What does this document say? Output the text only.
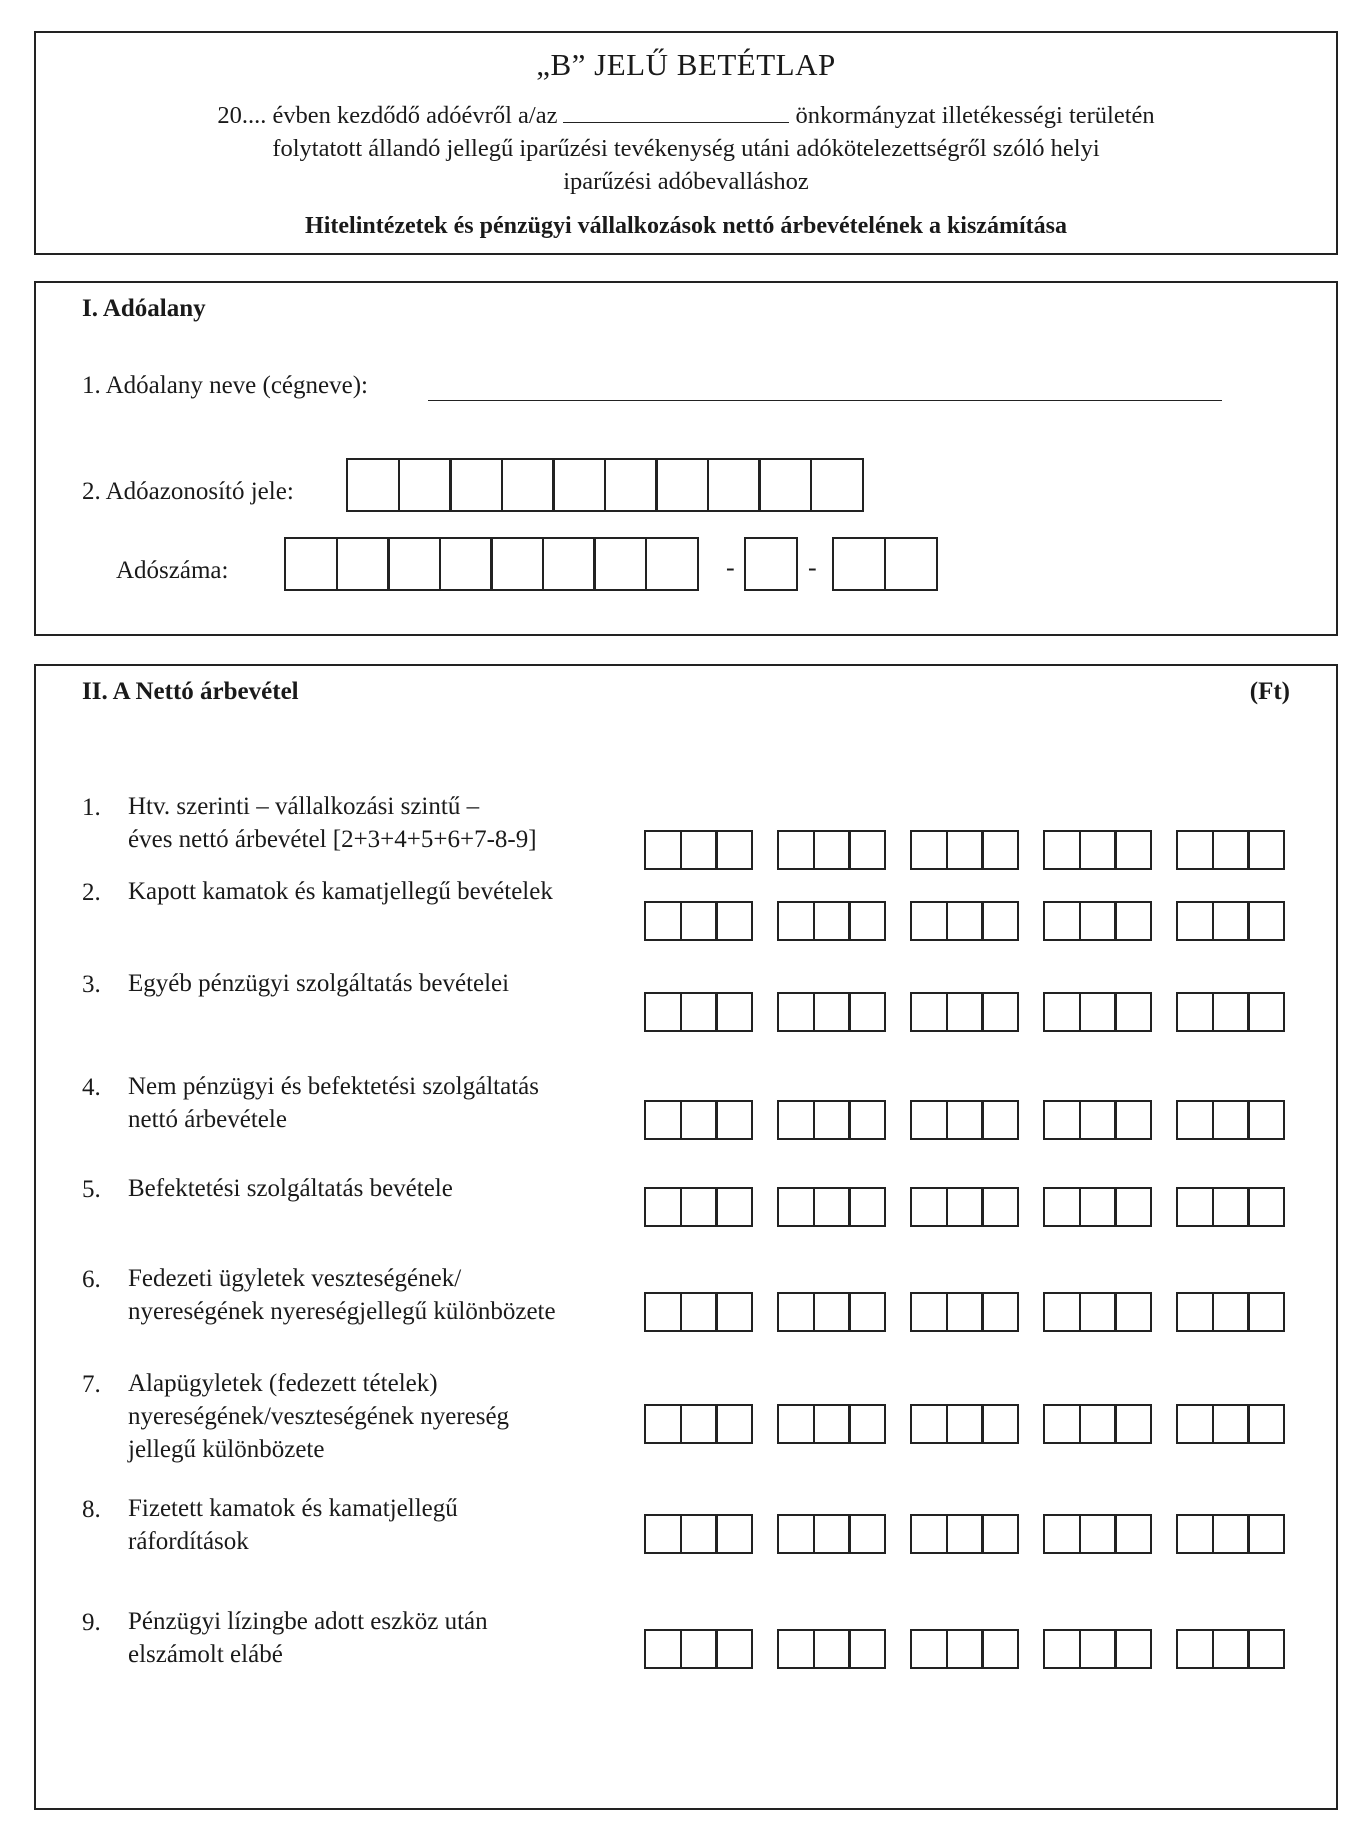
„B” JELŰ BETÉTLAP
20.... évben kezdődő adóévről a/az	önkormányzat illetékességi területén
folytatott állandó jellegű iparűzési tevékenység utáni adókötelezettségről szóló helyi
iparűzési adóbevalláshoz
Hitelintézetek és pénzügyi vállalkozások nettó árbevételének a kiszámítása
I. Adóalany
1. Adóalany neve (cégneve):
2. Adóazonosító jele:
Adószáma:	-	-
II. A Nettó árbevétel	(Ft)
1. Htv. szerinti – vállalkozási szintű –
éves nettó árbevétel [2+3+4+5+6+7-8-9]
2. Kapott kamatok és kamatjellegű bevételek
3. Egyéb pénzügyi szolgáltatás bevételei
4. Nem pénzügyi és befektetési szolgáltatás
nettó árbevétele
5. Befektetési szolgáltatás bevétele
6. Fedezeti ügyletek veszteségének/
nyereségének nyereségjellegű különbözete
7. Alapügyletek (fedezett tételek)
nyereségének/veszteségének nyereség
jellegű különbözete
8. Fizetett kamatok és kamatjellegű
ráfordítások
9. Pénzügyi lízingbe adott eszköz után
elszámolt elábé
